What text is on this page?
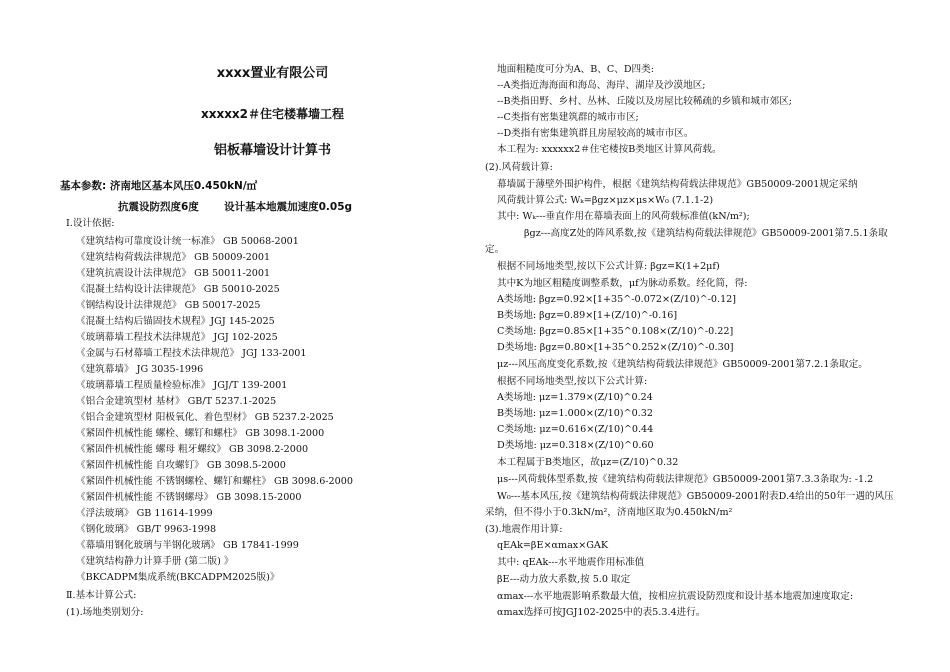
xxxx置业有限公司
xxxxx2＃住宅楼幕墙工程
铝板幕墙设计计算书
基本参数: 济南地区基本风压0.450kN/㎡
抗震设防烈度6度 设计基本地震加速度0.05g
Ⅰ.设计依据:
《建筑结构可靠度设计统一标准》 GB 50068-2001
《建筑结构荷载法律规范》 GB 50009-2001
《建筑抗震设计法律规范》 GB 50011-2001
《混凝土结构设计法律规范》 GB 50010-2025
《钢结构设计法律规范》 GB 50017-2025
《混凝土结构后锚固技术规程》JGJ 145-2025
《玻璃幕墙工程技术法律规范》 JGJ 102-2025
《金属与石材幕墙工程技术法律规范》 JGJ 133-2001
《建筑幕墙》 JG 3035-1996
《玻璃幕墙工程质量检验标准》 JGJ/T 139-2001
《铝合金建筑型材 基材》 GB/T 5237.1-2025
《铝合金建筑型材 阳极氧化、着色型材》 GB 5237.2-2025
《紧固件机械性能 螺栓、螺钉和螺柱》 GB 3098.1-2000
《紧固件机械性能 螺母 粗牙螺纹》 GB 3098.2-2000
《紧固件机械性能 自攻螺钉》 GB 3098.5-2000
《紧固件机械性能 不锈钢螺栓、螺钉和螺柱》 GB 3098.6-2000
《紧固件机械性能 不锈钢螺母》 GB 3098.15-2000
《浮法玻璃》 GB 11614-1999
《钢化玻璃》 GB/T 9963-1998
《幕墙用钢化玻璃与半钢化玻璃》 GB 17841-1999
《建筑结构静力计算手册 (第二版) 》
《BKCADPM集成系统(BKCADPM2025版)》
Ⅱ.基本计算公式:
(1).场地类别划分:
地面粗糙度可分为A、B、C、D四类:
--A类指近海海面和海岛、海岸、湖岸及沙漠地区;
--B类指田野、乡村、丛林、丘陵以及房屋比较稀疏的乡镇和城市郊区;
--C类指有密集建筑群的城市市区;
--D类指有密集建筑群且房屋较高的城市市区。
本工程为: xxxxxx2＃住宅楼按B类地区计算风荷载。
(2).风荷载计算:
幕墙属于薄壁外围护构件，根据《建筑结构荷载法律规范》GB50009-2001规定采纳
风荷载计算公式: Wₖ=βgz×μz×μs×W₀ (7.1.1-2)
其中: Wₖ---垂直作用在幕墙表面上的风荷载标准值(kN/m²);
βgz---高度Z处的阵风系数,按《建筑结构荷载法律规范》GB50009-2001第7.5.1条取
定。
根据不同场地类型,按以下公式计算: βgz=K(1+2μf)
其中K为地区粗糙度调整系数，μf为脉动系数。经化简，得:
A类场地: βgz=0.92×[1+35^-0.072×(Z/10)^-0.12]
B类场地: βgz=0.89×[1+(Z/10)^-0.16]
C类场地: βgz=0.85×[1+35^0.108×(Z/10)^-0.22]
D类场地: βgz=0.80×[1+35^0.252×(Z/10)^-0.30]
μz---风压高度变化系数,按《建筑结构荷载法律规范》GB50009-2001第7.2.1条取定。
根据不同场地类型,按以下公式计算:
A类场地: μz=1.379×(Z/10)^0.24
B类场地: μz=1.000×(Z/10)^0.32
C类场地: μz=0.616×(Z/10)^0.44
D类场地: μz=0.318×(Z/10)^0.60
本工程属于B类地区，故μz=(Z/10)^0.32
μs---风荷载体型系数,按《建筑结构荷载法律规范》GB50009-2001第7.3.3条取为: -1.2
W₀---基本风压,按《建筑结构荷载法律规范》GB50009-2001附表D.4给出的50年一遇的风压
采纳，但不得小于0.3kN/m²，济南地区取为0.450kN/m²
(3).地震作用计算:
qEAk=βE×αmax×GAK
其中: qEAk---水平地震作用标准值
βE---动力放大系数,按 5.0 取定
αmax---水平地震影响系数最大值，按相应抗震设防烈度和设计基本地震加速度取定:
αmax选择可按JGJ102-2025中的表5.3.4进行。
